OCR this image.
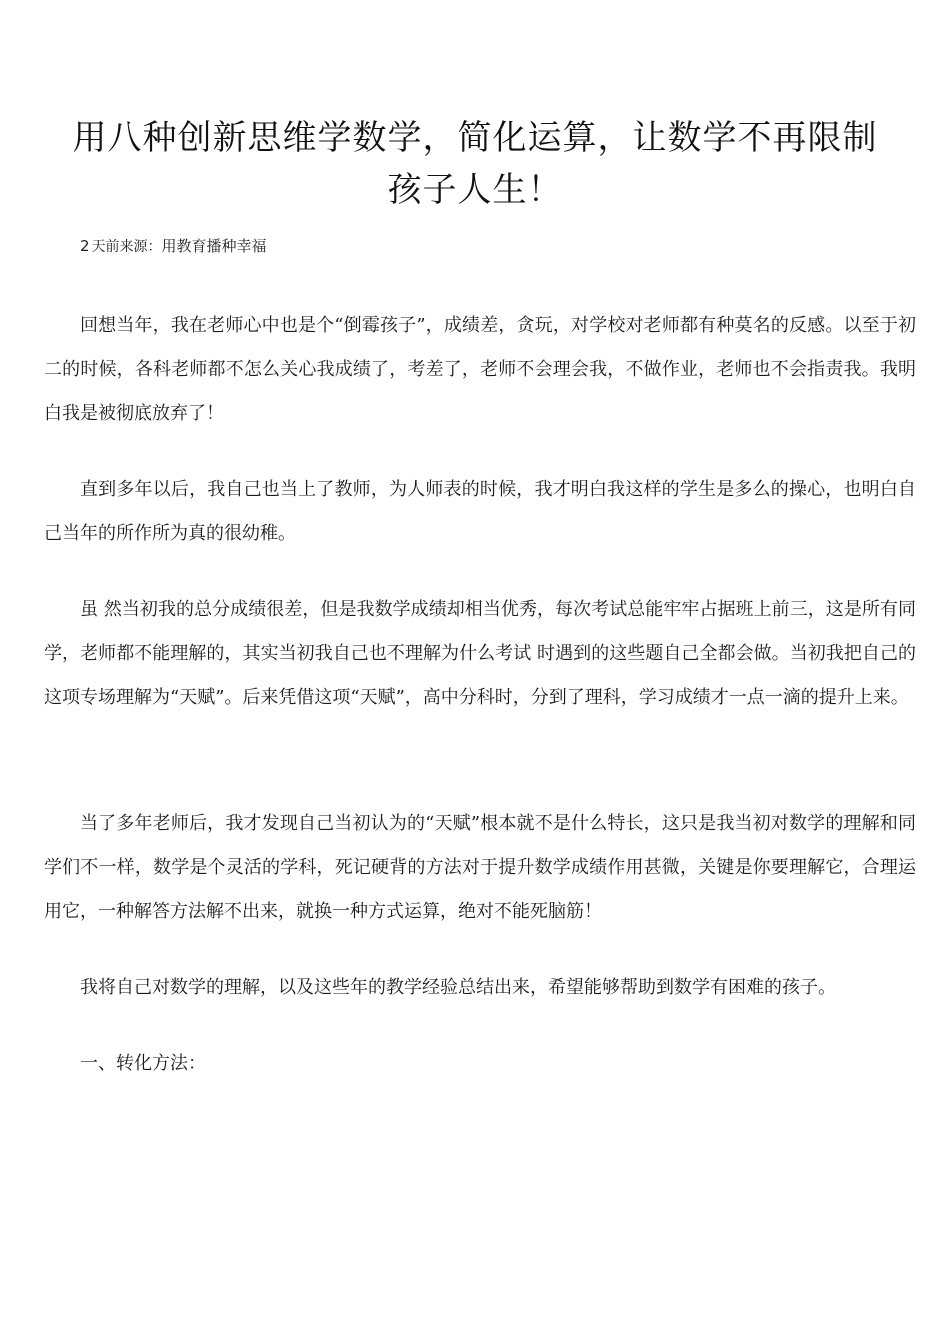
用八种创新思维学数学，简化运算，让数学不再限制孩子人生！
2 天前来源：用教育播种幸福

回想当年，我在老师心中也是个“倒霉孩子”，成绩差，贪玩，对学校对老师都有种莫名的反感。以至于初二的时候，各科老师都不怎么关心我成绩了，考差了，老师不会理会我，不做作业，老师也不会指责我。我明白我是被彻底放弃了！

直到多年以后，我自己也当上了教师，为人师表的时候，我才明白我这样的学生是多么的操心，也明白自己当年的所作所为真的很幼稚。

虽 然当初我的总分成绩很差，但是我数学成绩却相当优秀，每次考试总能牢牢占据班上前三，这是所有同学，老师都不能理解的，其实当初我自己也不理解为什么考试 时遇到的这些题自己全都会做。当初我把自己的这项专场理解为“天赋”。后来凭借这项“天赋”，高中分科时，分到了理科，学习成绩才一点一滴的提升上来。

当了多年老师后，我才发现自己当初认为的“天赋”根本就不是什么特长，这只是我当初对数学的理解和同学们不一样，数学是个灵活的学科，死记硬背的方法对于提升数学成绩作用甚微，关键是你要理解它，合理运用它，一种解答方法解不出来，就换一种方式运算，绝对不能死脑筋！

我将自己对数学的理解，以及这些年的教学经验总结出来，希望能够帮助到数学有困难的孩子。

一、转化方法：
